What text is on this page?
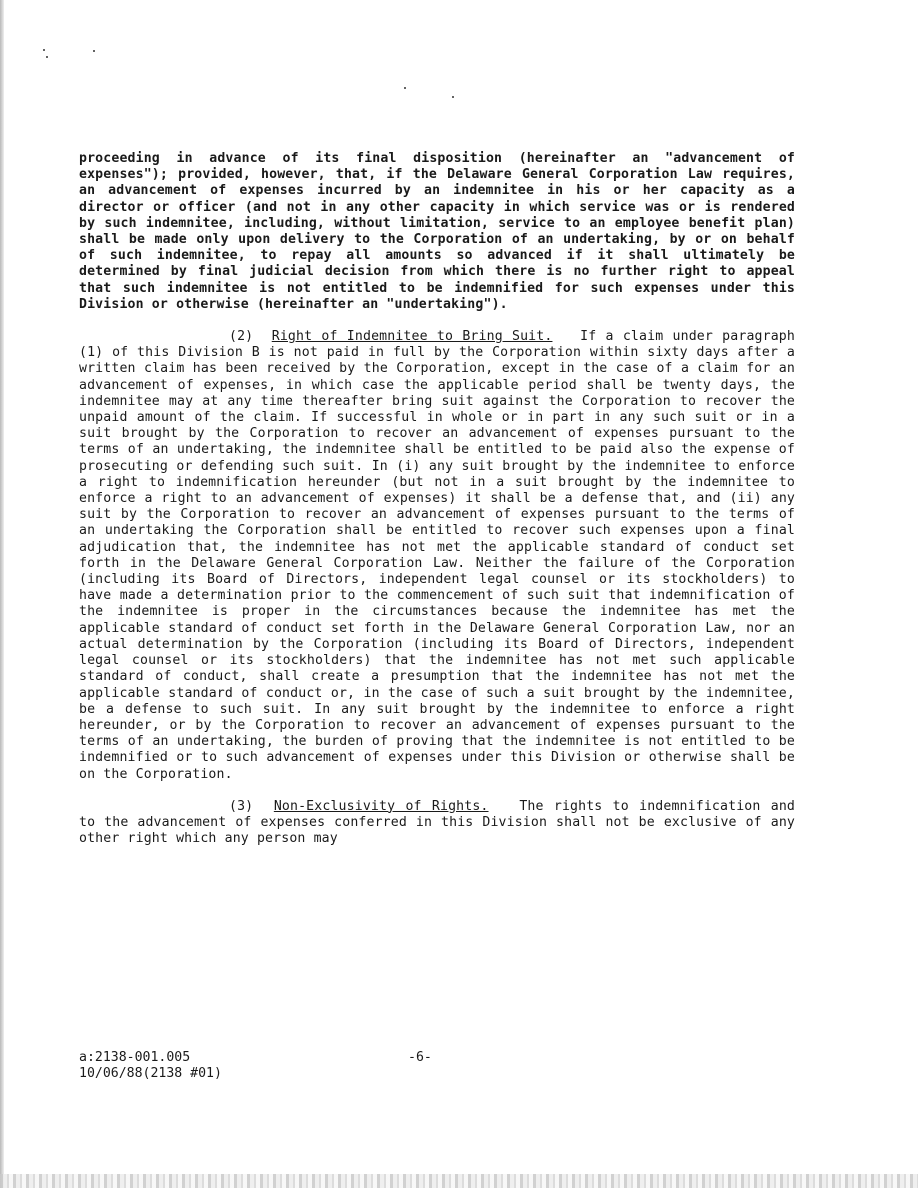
proceeding in advance of its final disposition (hereinafter an "advancement of expenses"); provided, however, that, if the Delaware General Corporation Law requires, an advancement of expenses incurred by an indemnitee in his or her capacity as a director or officer (and not in any other capacity in which service was or is rendered by such indemnitee, including, without limitation, service to an employee benefit plan) shall be made only upon delivery to the Corporation of an undertaking, by or on behalf of such indemnitee, to repay all amounts so advanced if it shall ultimately be determined by final judicial decision from which there is no further right to appeal that such indemnitee is not entitled to be indemnified for such expenses under this Division or otherwise (hereinafter an "undertaking").

(2) Right of Indemnitee to Bring Suit. If a claim under paragraph (1) of this Division B is not paid in full by the Corporation within sixty days after a written claim has been received by the Corporation, except in the case of a claim for an advancement of expenses, in which case the applicable period shall be twenty days, the indemnitee may at any time thereafter bring suit against the Corporation to recover the unpaid amount of the claim. If successful in whole or in part in any such suit or in a suit brought by the Corporation to recover an advancement of expenses pursuant to the terms of an undertaking, the indemnitee shall be entitled to be paid also the expense of prosecuting or defending such suit. In (i) any suit brought by the indemnitee to enforce a right to indemnification hereunder (but not in a suit brought by the indemnitee to enforce a right to an advancement of expenses) it shall be a defense that, and (ii) any suit by the Corporation to recover an advancement of expenses pursuant to the terms of an undertaking the Corporation shall be entitled to recover such expenses upon a final adjudication that, the indemnitee has not met the applicable standard of conduct set forth in the Delaware General Corporation Law. Neither the failure of the Corporation (including its Board of Directors, independent legal counsel or its stockholders) to have made a determination prior to the commencement of such suit that indemnification of the indemnitee is proper in the circumstances because the indemnitee has met the applicable standard of conduct set forth in the Delaware General Corporation Law, nor an actual determination by the Corporation (including its Board of Directors, independent legal counsel or its stockholders) that the indemnitee has not met such applicable standard of conduct, shall create a presumption that the indemnitee has not met the applicable standard of conduct or, in the case of such a suit brought by the indemnitee, be a defense to such suit. In any suit brought by the indemnitee to enforce a right hereunder, or by the Corporation to recover an advancement of expenses pursuant to the terms of an undertaking, the burden of proving that the indemnitee is not entitled to be indemnified or to such advancement of expenses under this Division or otherwise shall be on the Corporation.

(3) Non-Exclusivity of Rights. The rights to indemnification and to the advancement of expenses conferred in this Division shall not be exclusive of any other right which any person may

a:2138-001.005
10/06/88(2138 #01)
-6-
